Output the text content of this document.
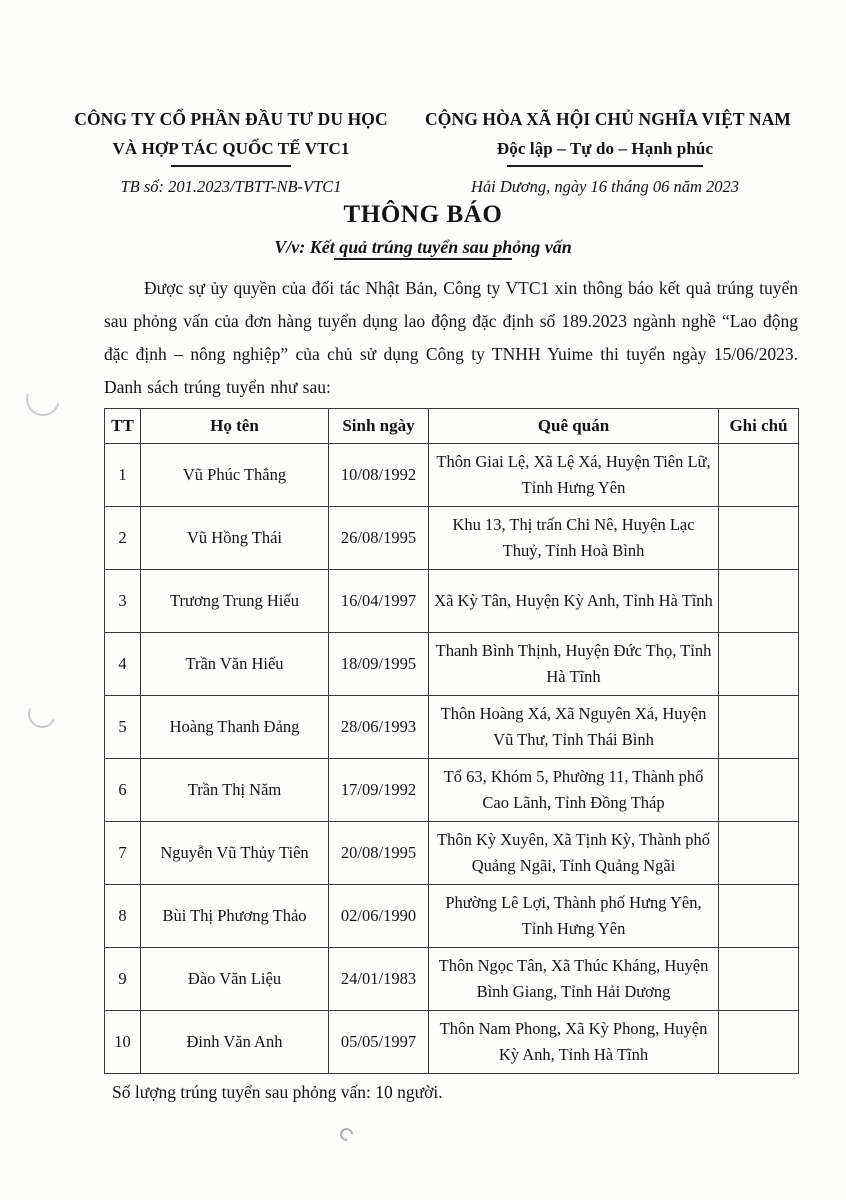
CÔNG TY CỔ PHẦN ĐẦU TƯ DU HỌC
VÀ HỢP TÁC QUỐC TẾ VTC1
TB số: 201.2023/TBTT-NB-VTC1
CỘNG HÒA XÃ HỘI CHỦ NGHĨA VIỆT NAM
Độc lập – Tự do – Hạnh phúc
Hải Dương, ngày 16 tháng 06 năm 2023
THÔNG BÁO
V/v: Kết quả trúng tuyển sau phỏng vấn
Được sự ủy quyền của đối tác Nhật Bản, Công ty VTC1 xin thông báo kết quả trúng tuyển sau phỏng vấn của đơn hàng tuyển dụng lao động đặc định số 189.2023 ngành nghề “Lao động đặc định – nông nghiệp” của chủ sử dụng Công ty TNHH Yuime thi tuyển ngày 15/06/2023. Danh sách trúng tuyển như sau:
TT	Họ tên	Sinh ngày	Quê quán	Ghi chú
1	Vũ Phúc Thắng	10/08/1992	Thôn Giai Lệ, Xã Lệ Xá, Huyện Tiên Lữ, Tỉnh Hưng Yên	
2	Vũ Hồng Thái	26/08/1995	Khu 13, Thị trấn Chi Nê, Huyện Lạc Thuỷ, Tỉnh Hoà Bình	
3	Trương Trung Hiếu	16/04/1997	Xã Kỳ Tân, Huyện Kỳ Anh, Tỉnh Hà Tĩnh	
4	Trần Văn Hiếu	18/09/1995	Thanh Bình Thịnh, Huyện Đức Thọ, Tỉnh Hà Tĩnh	
5	Hoàng Thanh Đảng	28/06/1993	Thôn Hoàng Xá, Xã Nguyên Xá, Huyện Vũ Thư, Tỉnh Thái Bình	
6	Trần Thị Năm	17/09/1992	Tổ 63, Khóm 5, Phường 11, Thành phố Cao Lãnh, Tỉnh Đồng Tháp	
7	Nguyễn Vũ Thủy Tiên	20/08/1995	Thôn Kỳ Xuyên, Xã Tịnh Kỳ, Thành phố Quảng Ngãi, Tỉnh Quảng Ngãi	
8	Bùi Thị Phương Thảo	02/06/1990	Phường Lê Lợi, Thành phố Hưng Yên, Tỉnh Hưng Yên	
9	Đào Văn Liệu	24/01/1983	Thôn Ngọc Tân, Xã Thúc Kháng, Huyện Bình Giang, Tỉnh Hải Dương	
10	Đinh Văn Anh	05/05/1997	Thôn Nam Phong, Xã Kỳ Phong, Huyện Kỳ Anh, Tỉnh Hà Tĩnh	
Số lượng trúng tuyển sau phỏng vấn: 10 người.
